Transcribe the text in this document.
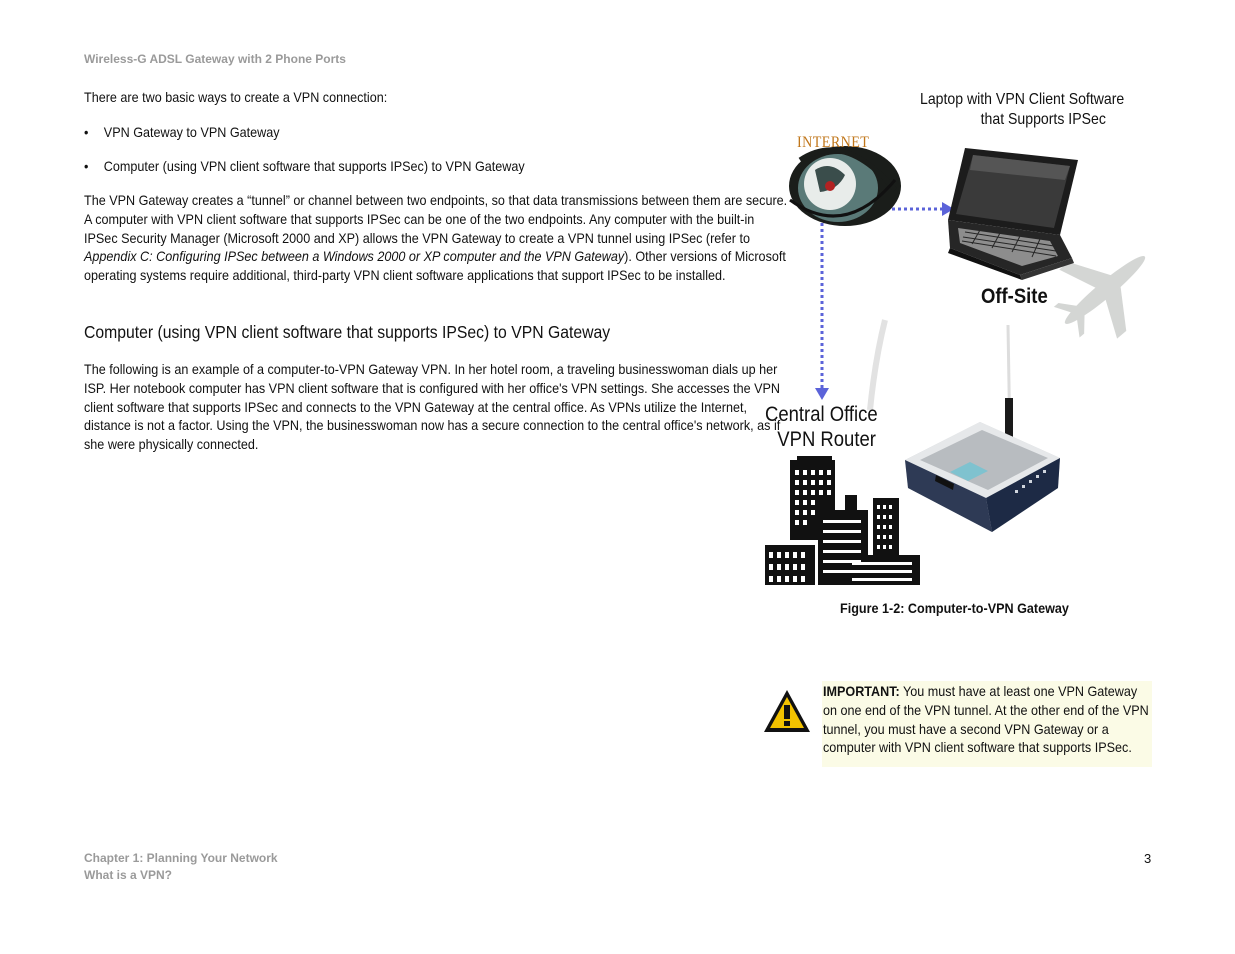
Wireless-G ADSL Gateway with 2 Phone Ports
There are two basic ways to create a VPN connection:
• VPN Gateway to VPN Gateway
• Computer (using VPN client software that supports IPSec) to VPN Gateway
The VPN Gateway creates a “tunnel” or channel between two endpoints, so that data transmissions between them are secure. A computer with VPN client software that supports IPSec can be one of the two endpoints. Any computer with the built-in IPSec Security Manager (Microsoft 2000 and XP) allows the VPN Gateway to create a VPN tunnel using IPSec (refer to Appendix C: Configuring IPSec between a Windows 2000 or XP computer and the VPN Gateway). Other versions of Microsoft operating systems require additional, third-party VPN client software applications that support IPSec to be installed.
Computer (using VPN client software that supports IPSec) to VPN Gateway
The following is an example of a computer-to-VPN Gateway VPN. In her hotel room, a traveling businesswoman dials up her ISP. Her notebook computer has VPN client software that is configured with her office's VPN settings. She accesses the VPN client software that supports IPSec and connects to the VPN Gateway at the central office. As VPNs utilize the Internet, distance is not a factor. Using the VPN, the businesswoman now has a secure connection to the central office's network, as if she were physically connected.
Laptop with VPN Client Software
that Supports IPSec
INTERNET
Off-Site
Central Office
VPN Router
Figure 1-2: Computer-to-VPN Gateway
IMPORTANT: You must have at least one VPN Gateway on one end of the VPN tunnel. At the other end of the VPN tunnel, you must have a second VPN Gateway or a computer with VPN client software that supports IPSec.
Chapter 1: Planning Your Network
What is a VPN?
3
